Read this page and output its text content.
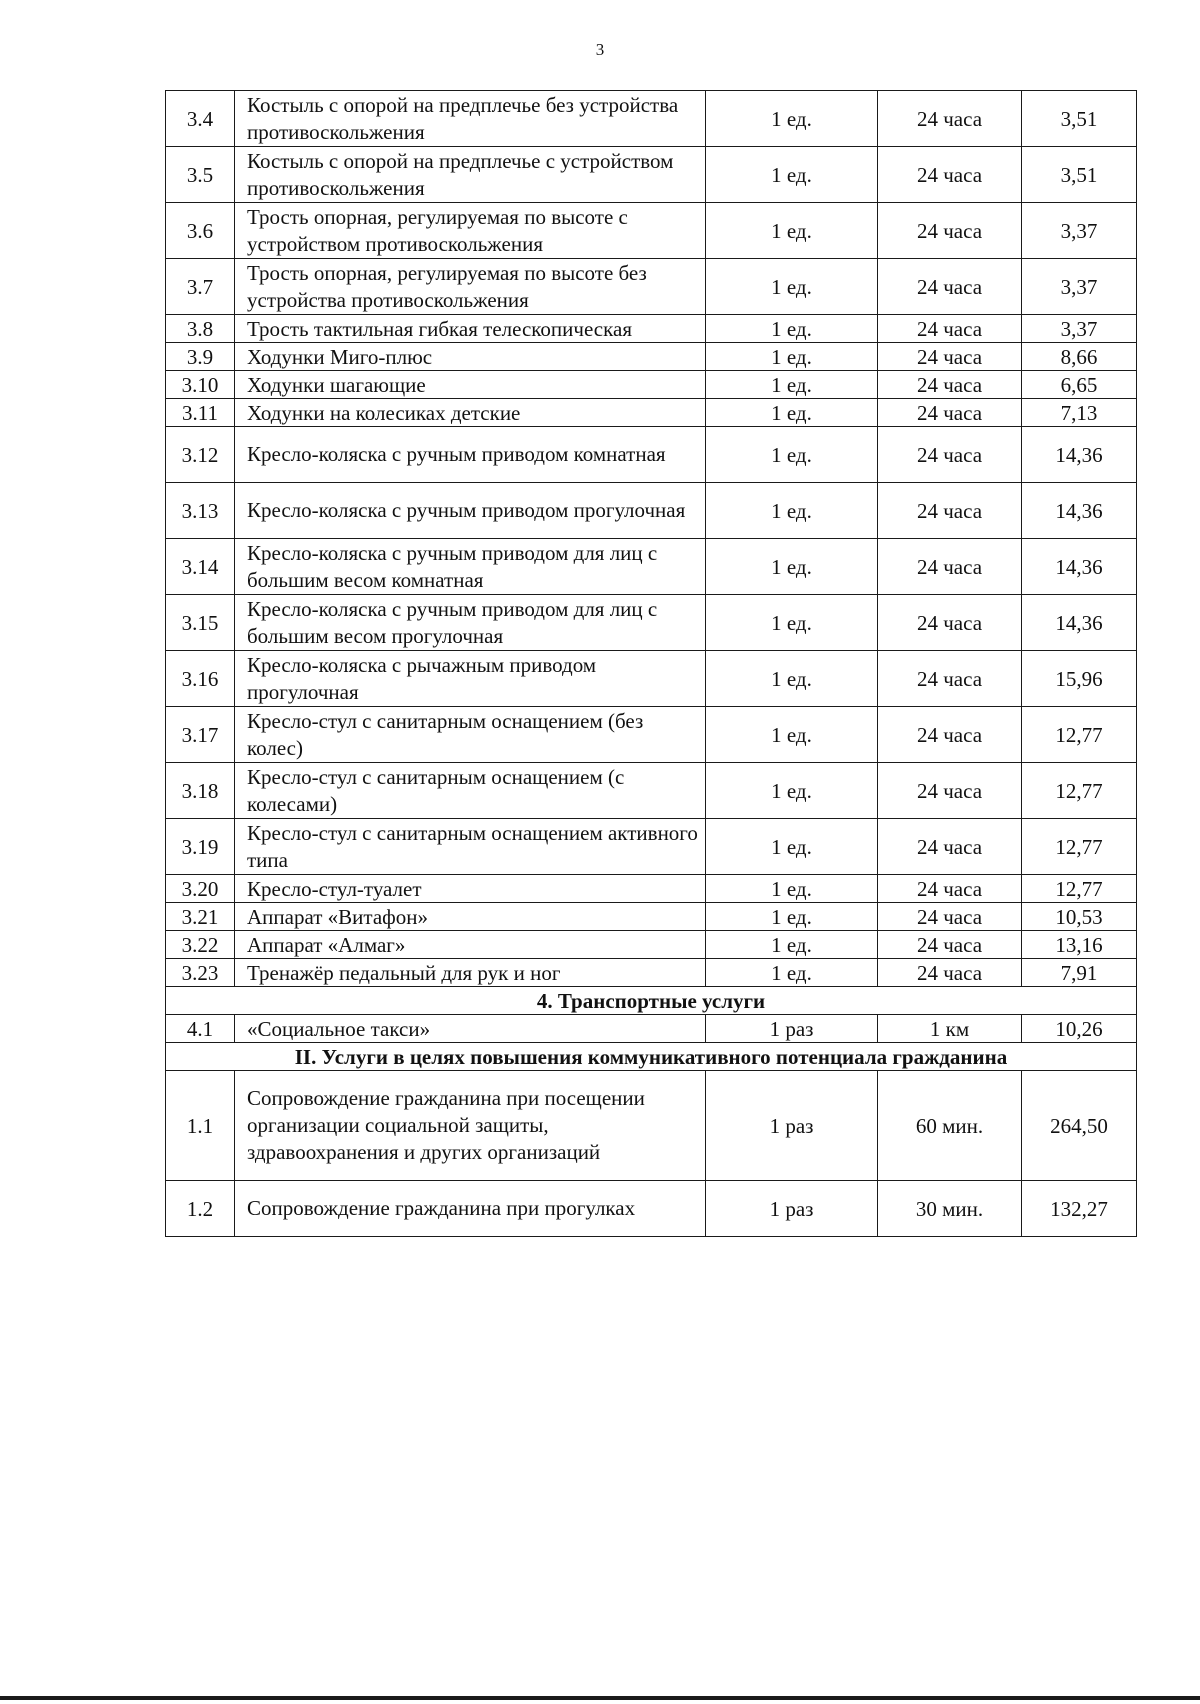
3
3.4	Костыль с опорой на предплечье без устройства противоскольжения	1 ед.	24 часа	3,51
3.5	Костыль с опорой на предплечье с устройством противоскольжения	1 ед.	24 часа	3,51
3.6	Трость опорная, регулируемая по высоте с устройством противоскольжения	1 ед.	24 часа	3,37
3.7	Трость опорная, регулируемая по высоте без устройства противоскольжения	1 ед.	24 часа	3,37
3.8	Трость тактильная гибкая телескопическая	1 ед.	24 часа	3,37
3.9	Ходунки Миго-плюс	1 ед.	24 часа	8,66
3.10	Ходунки шагающие	1 ед.	24 часа	6,65
3.11	Ходунки на колесиках детские	1 ед.	24 часа	7,13
3.12	Кресло-коляска с ручным приводом комнатная	1 ед.	24 часа	14,36
3.13	Кресло-коляска с ручным приводом прогулочная	1 ед.	24 часа	14,36
3.14	Кресло-коляска с ручным приводом для лиц с большим весом комнатная	1 ед.	24 часа	14,36
3.15	Кресло-коляска с ручным приводом для лиц с большим весом прогулочная	1 ед.	24 часа	14,36
3.16	Кресло-коляска с рычажным приводом прогулочная	1 ед.	24 часа	15,96
3.17	Кресло-стул с санитарным оснащением (без колес)	1 ед.	24 часа	12,77
3.18	Кресло-стул с санитарным оснащением (с колесами)	1 ед.	24 часа	12,77
3.19	Кресло-стул с санитарным оснащением активного типа	1 ед.	24 часа	12,77
3.20	Кресло-стул-туалет	1 ед.	24 часа	12,77
3.21	Аппарат «Витафон»	1 ед.	24 часа	10,53
3.22	Аппарат «Алмаг»	1 ед.	24 часа	13,16
3.23	Тренажёр педальный для рук и ног	1 ед.	24 часа	7,91
4. Транспортные услуги				
4.1	«Социальное такси»	1 раз	1 км	10,26
II. Услуги в целях повышения коммуникативного потенциала гражданина				
1.1	Сопровождение гражданина при посещении организации социальной защиты, здравоохранения и других организаций	1 раз	60 мин.	264,50
1.2	Сопровождение гражданина при прогулках	1 раз	30 мин.	132,27
